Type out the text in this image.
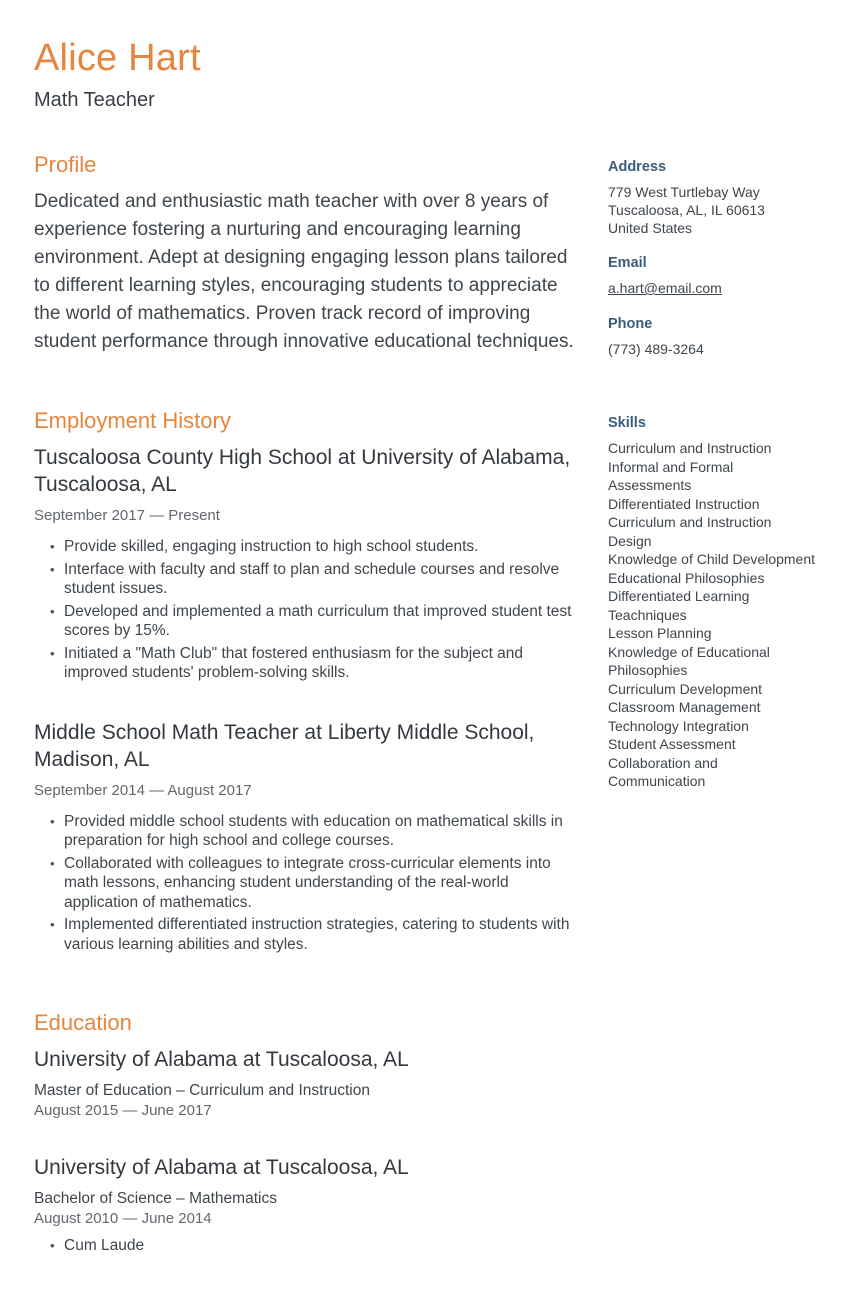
Alice Hart

Math Teacher

Profile

Dedicated and enthusiastic math teacher with over 8 years of experience fostering a nurturing and encouraging learning environment. Adept at designing engaging lesson plans tailored to different learning styles, encouraging students to appreciate the world of mathematics. Proven track record of improving student performance through innovative educational techniques.

Employment History
Tuscaloosa County High School at University of Alabama, Tuscaloosa, AL

September 2017 — Present

• Provide skilled, engaging instruction to high school students.
• Interface with faculty and staff to plan and schedule courses and resolve student issues.
• Developed and implemented a math curriculum that improved student test scores by 15%.
• Initiated a "Math Club" that fostered enthusiasm for the subject and improved students' problem-solving skills.
Middle School Math Teacher at Liberty Middle School, Madison, AL

September 2014 — August 2017

• Provided middle school students with education on mathematical skills in preparation for high school and college courses.
• Collaborated with colleagues to integrate cross-curricular elements into math lessons, enhancing student understanding of the real-world application of mathematics.
• Implemented differentiated instruction strategies, catering to students with various learning abilities and styles.
Education
University of Alabama at Tuscaloosa, AL

Master of Education – Curriculum and Instruction

August 2015 — June 2017

University of Alabama at Tuscaloosa, AL

Bachelor of Science – Mathematics

August 2010 — June 2014

• Cum Laude
Address
779 West Turtlebay Way
Tuscaloosa, AL, IL 60613
United States
Email
a.hart@email.com
Phone
(773) 489-3264
Skills
Curriculum and Instruction
Informal and Formal Assessments
Differentiated Instruction
Curriculum and Instruction Design
Knowledge of Child Development
Educational Philosophies
Differentiated Learning Teachniques
Lesson Planning
Knowledge of Educational Philosophies
Curriculum Development
Classroom Management
Technology Integration
Student Assessment
Collaboration and Communication
